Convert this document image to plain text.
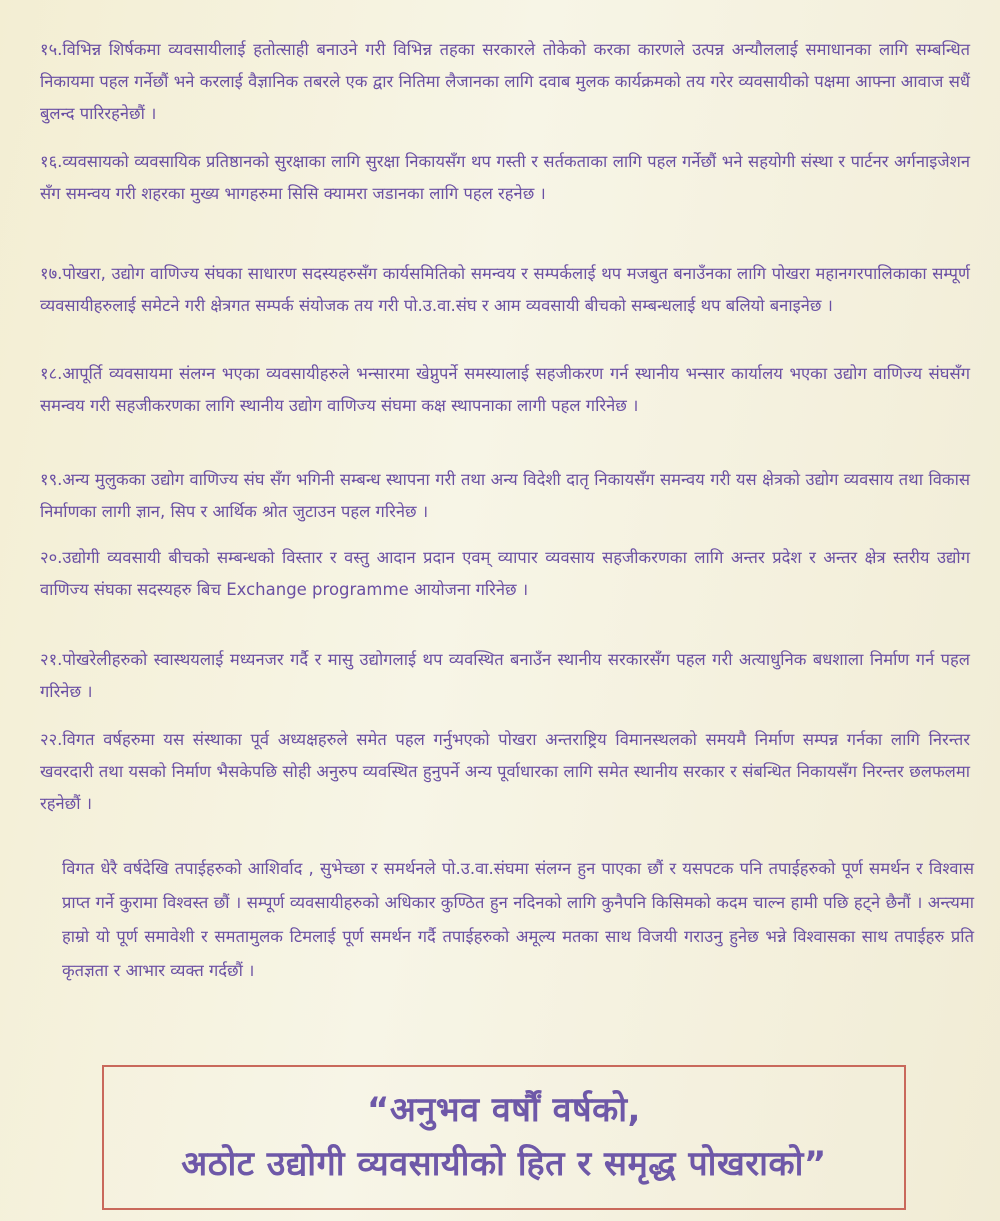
१५.विभिन्न शिर्षकमा व्यवसायीलाई हतोत्साही बनाउने गरी विभिन्न तहका सरकारले तोकेको करका कारणले उत्पन्न अन्यौललाई समाधानका लागि सम्बन्धित निकायमा पहल गर्नेछौं भने करलाई वैज्ञानिक तबरले एक द्वार नितिमा लैजानका लागि दवाब मुलक कार्यक्रमको तय गरेर व्यवसायीको पक्षमा आफ्ना आवाज सधैं बुलन्द पारिरहनेछौं ।
१६.व्यवसायको व्यवसायिक प्रतिष्ठानको सुरक्षाका लागि सुरक्षा निकायसँग थप गस्ती र सर्तकताका लागि पहल गर्नेछौं भने सहयोगी संस्था र पार्टनर अर्गनाइजेशन सँग समन्वय गरी शहरका मुख्य भागहरुमा सिसि क्यामरा जडानका लागि पहल रहनेछ ।
१७.पोखरा, उद्योग वाणिज्य संघका साधारण सदस्यहरुसँग कार्यसमितिको समन्वय र सम्पर्कलाई थप मजबुत बनाउँनका लागि पोखरा महानगरपालिकाका सम्पूर्ण व्यवसायीहरुलाई समेटने गरी क्षेत्रगत सम्पर्क संयोजक तय गरी पो.उ.वा.संघ र आम व्यवसायी बीचको सम्बन्धलाई थप बलियो बनाइनेछ ।
१८.आपूर्ति व्यवसायमा संलग्न भएका व्यवसायीहरुले भन्सारमा खेप्नुपर्ने समस्यालाई सहजीकरण गर्न स्थानीय भन्सार कार्यालय भएका उद्योग वाणिज्य संघसँग समन्वय गरी सहजीकरणका लागि स्थानीय उद्योग वाणिज्य संघमा कक्ष स्थापनाका लागी पहल गरिनेछ ।
१९.अन्य मुलुकका उद्योग वाणिज्य संघ सँग भगिनी सम्बन्ध स्थापना गरी तथा अन्य विदेशी दातृ निकायसँग समन्वय गरी यस क्षेत्रको उद्योग व्यवसाय तथा विकास निर्माणका लागी ज्ञान, सिप र आर्थिक श्रोत जुटाउन पहल गरिनेछ ।
२०.उद्योगी व्यवसायी बीचको सम्बन्धको विस्तार र वस्तु आदान प्रदान एवम् व्यापार व्यवसाय सहजीकरणका लागि अन्तर प्रदेश र अन्तर क्षेत्र स्तरीय उद्योग वाणिज्य संघका सदस्यहरु बिच Exchange programme आयोजना गरिनेछ ।
२१.पोखरेलीहरुको स्वास्थयलाई मध्यनजर गर्दै र मासु उद्योगलाई थप व्यवस्थित बनाउँन स्थानीय सरकारसँग पहल गरी अत्याधुनिक बधशाला निर्माण गर्न पहल गरिनेछ ।
२२.विगत वर्षहरुमा यस संस्थाका पूर्व अध्यक्षहरुले समेत पहल गर्नुभएको पोखरा अन्तराष्ट्रिय विमानस्थलको समयमै निर्माण सम्पन्न गर्नका लागि निरन्तर खवरदारी तथा यसको निर्माण भैसकेपछि सोही अनुरुप व्यवस्थित हुनुपर्ने अन्य पूर्वाधारका लागि समेत स्थानीय सरकार र संबन्धित निकायसँग निरन्तर छलफलमा रहनेछौं ।
विगत धेरै वर्षदेखि तपाईहरुको आशिर्वाद , सुभेच्छा र समर्थनले पो.उ.वा.संघमा संलग्न हुन पाएका छौं र यसपटक पनि तपाईहरुको पूर्ण समर्थन र विश्वास प्राप्त गर्ने कुरामा विश्वस्त छौं । सम्पूर्ण व्यवसायीहरुको अधिकार कुण्ठित हुन नदिनको लागि कुनैपनि किसिमको कदम चाल्न हामी पछि हट्ने छैनौं । अन्त्यमा हाम्रो यो पूर्ण समावेशी र समतामुलक टिमलाई पूर्ण समर्थन गर्दै तपाईहरुको अमूल्य मतका साथ विजयी गराउनु हुनेछ भन्ने विश्वासका साथ तपाईहरु प्रति कृतज्ञता र आभार व्यक्त गर्दछौं ।
“अनुभव वर्षौं वर्षको,
अठोट उद्योगी व्यवसायीको हित र समृद्ध पोखराको”
